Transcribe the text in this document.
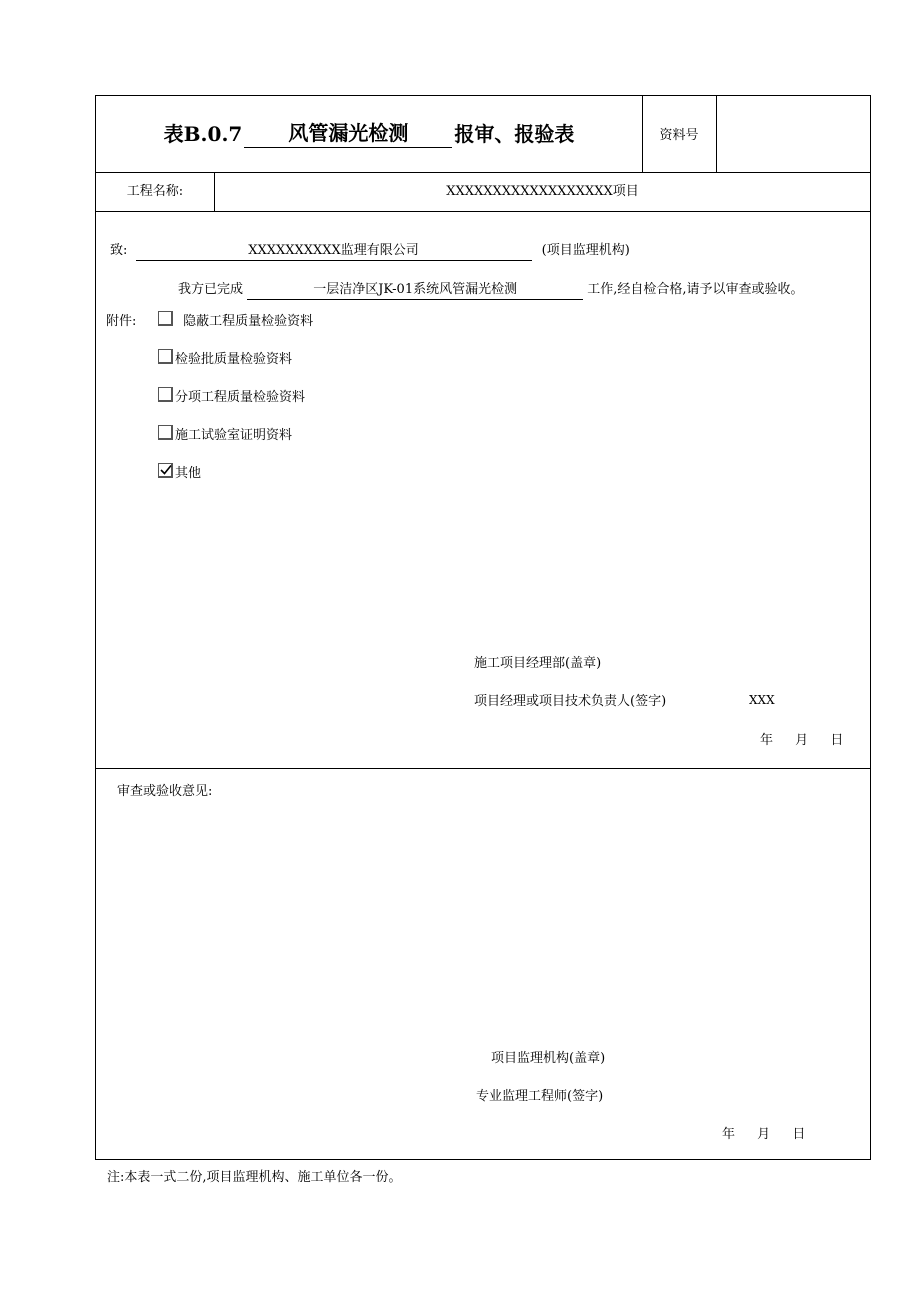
表B.0.7	风管漏光检测	报审、报验表	资料号
工程名称:	XXXXXXXXXXXXXXXXXX项目
致:	XXXXXXXXXX监理有限公司	(项目监理机构)
我方已完成	一层洁净区JK-01系统风管漏光检测	工作,经自检合格,请予以审查或验收。
附件:	隐蔽工程质量检验资料
检验批质量检验资料
分项工程质量检验资料
施工试验室证明资料
其他
施工项目经理部(盖章)
项目经理或项目技术负责人(签字)	XXX
年 月 日
审查或验收意见:
项目监理机构(盖章)
专业监理工程师(签字)
年 月 日
注:本表一式二份,项目监理机构、施工单位各一份。
